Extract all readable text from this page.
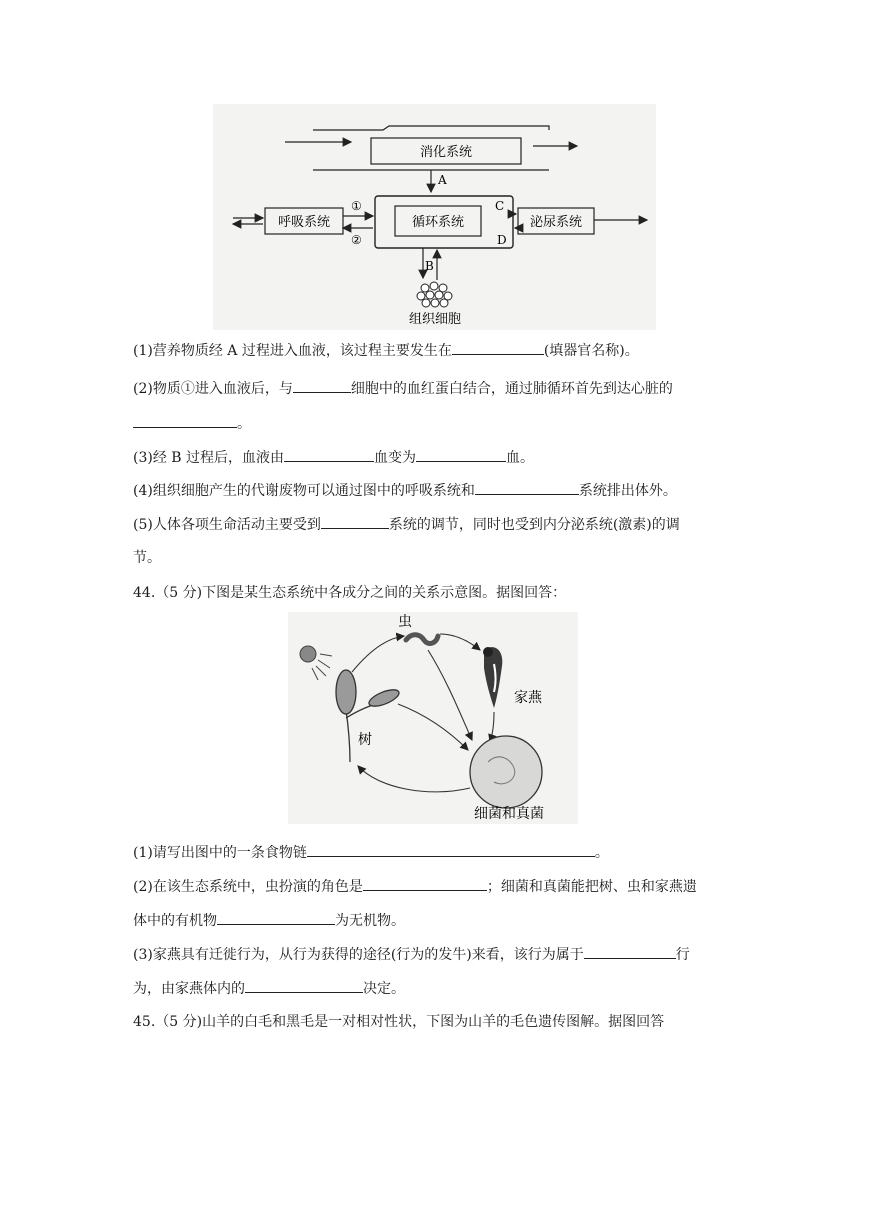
消化系统
A
循环系统
呼吸系统
①
②
泌尿系统
C
D
B
组织细胞
(1)营养物质经 A 过程进入血液，该过程主要发生在	(填器官名称)。
(2)物质①进入血液后，与	细胞中的血红蛋白结合，通过肺循环首先到达心脏的
。
(3)经 B 过程后，血液由	血变为	血。
(4)组织细胞产生的代谢废物可以通过图中的呼吸系统和	系统排出体外。
(5)人体各项生命活动主要受到	系统的调节，同时也受到内分泌系统(激素)的调
节。
44.（5 分)下图是某生态系统中各成分之间的关系示意图。据图回答：
树
虫
家燕
细菌和真菌
(1)请写出图中的一条食物链	。
(2)在该生态系统中，虫扮演的角色是	；细菌和真菌能把树、虫和家燕遗
体中的有机物	为无机物。
(3)家燕具有迁徙行为，从行为获得的途径(行为的发牛)来看，该行为属于	行
为，由家燕体内的	决定。
45.（5 分)山羊的白毛和黑毛是一对相对性状，下图为山羊的毛色遗传图解。据图回答
